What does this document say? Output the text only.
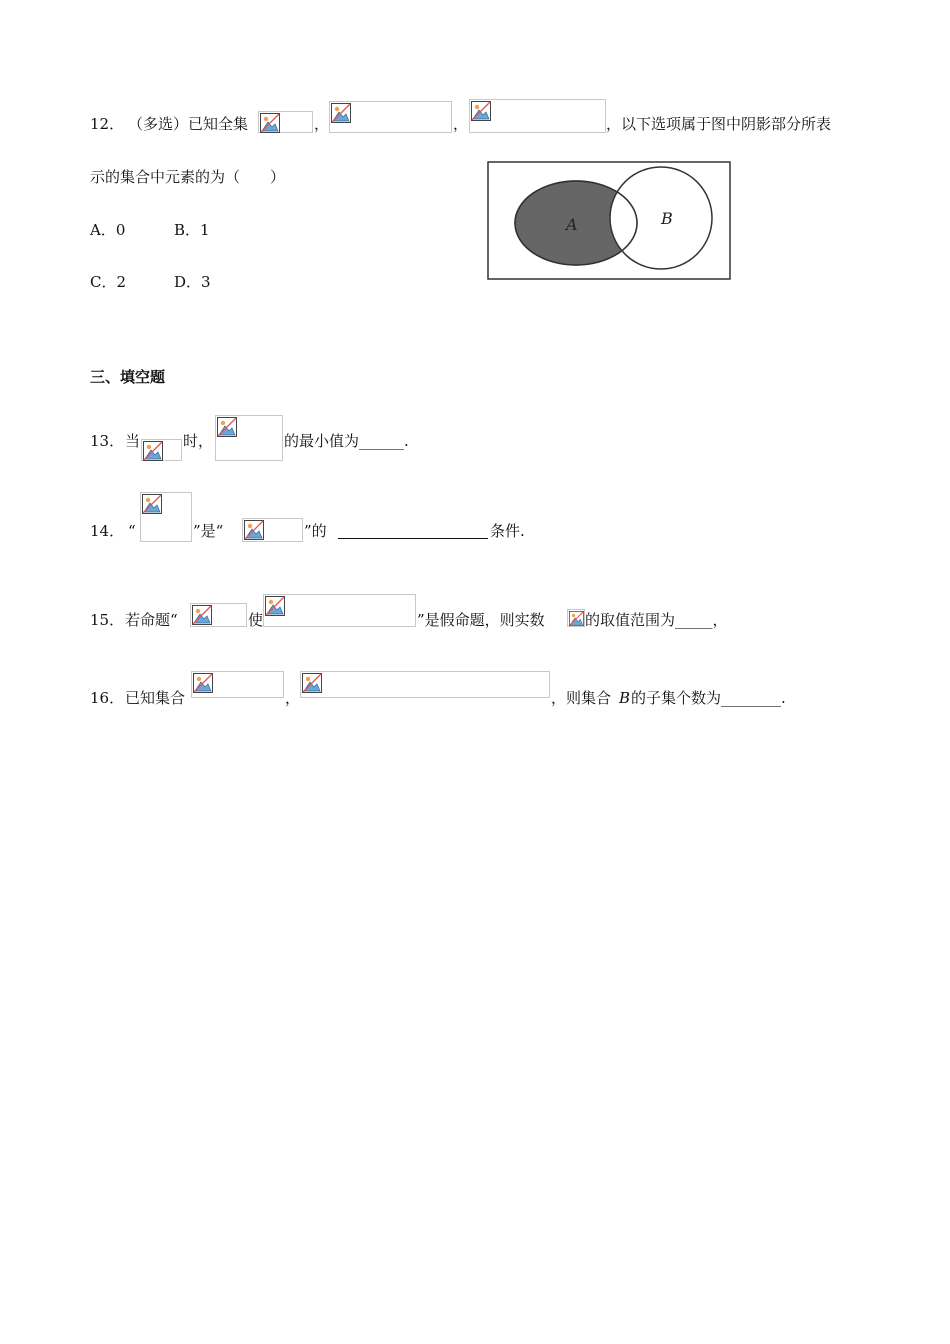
12． （多选）已知全集	，	，	，以下选项属于图中阴影部分所表
示的集合中元素的为（　　）
A．0	B．1
C．2	D．3
A	B
三、填空题
13． 当	时，	的最小值为______.
14． “	”是“	”的	条件.
15． 若命题“	使	”是假命题，则实数	的取值范围为_____，
16． 已知集合	，	，则集合 B 的子集个数为________.
